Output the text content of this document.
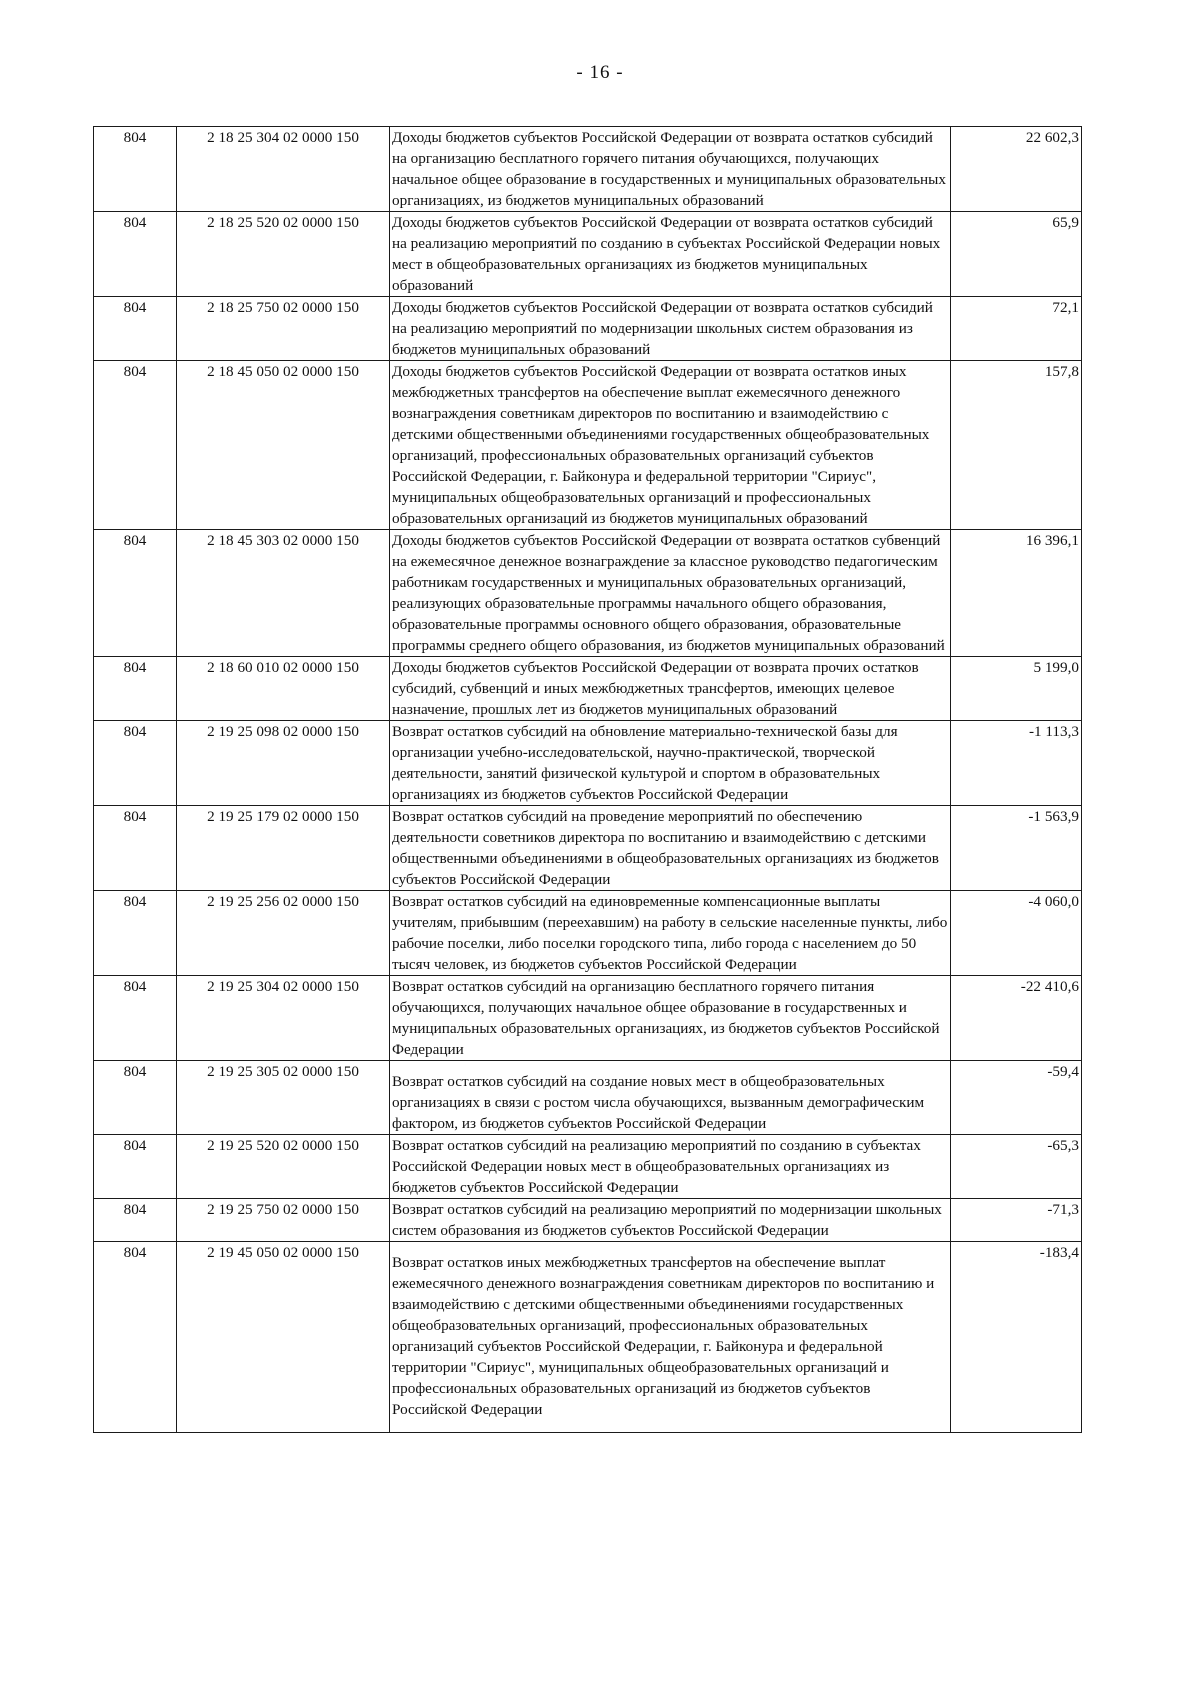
- 16 -
804	2 18 25 304 02 0000 150	Доходы бюджетов субъектов Российской Федерации от возврата остатков субсидий на организацию бесплатного горячего питания обучающихся, получающих начальное общее образование в государственных и муниципальных образовательных организациях, из бюджетов муниципальных образований	22 602,3
804	2 18 25 520 02 0000 150	Доходы бюджетов субъектов Российской Федерации от возврата остатков субсидий на реализацию мероприятий по созданию в субъектах Российской Федерации новых мест в общеобразовательных организациях из бюджетов муниципальных образований	65,9
804	2 18 25 750 02 0000 150	Доходы бюджетов субъектов Российской Федерации от возврата остатков субсидий на реализацию мероприятий по модернизации школьных систем образования из бюджетов муниципальных образований	72,1
804	2 18 45 050 02 0000 150	Доходы бюджетов субъектов Российской Федерации от возврата остатков иных межбюджетных трансфертов на обеспечение выплат ежемесячного денежного вознаграждения советникам директоров по воспитанию и взаимодействию с детскими общественными объединениями государственных общеобразовательных организаций, профессиональных образовательных организаций субъектов Российской Федерации, г. Байконура и федеральной территории "Сириус", муниципальных общеобразовательных организаций и профессиональных образовательных организаций из бюджетов муниципальных образований	157,8
804	2 18 45 303 02 0000 150	Доходы бюджетов субъектов Российской Федерации от возврата остатков субвенций на ежемесячное денежное вознаграждение за классное руководство педагогическим работникам государственных и муниципальных образовательных организаций, реализующих образовательные программы начального общего образования, образовательные программы основного общего образования, образовательные программы среднего общего образования, из бюджетов муниципальных образований	16 396,1
804	2 18 60 010 02 0000 150	Доходы бюджетов субъектов Российской Федерации от возврата прочих остатков субсидий, субвенций и иных межбюджетных трансфертов, имеющих целевое назначение, прошлых лет из бюджетов муниципальных образований	5 199,0
804	2 19 25 098 02 0000 150	Возврат остатков субсидий на обновление материально-технической базы для организации учебно-исследовательской, научно-практической, творческой деятельности, занятий физической культурой и спортом в образовательных организациях из бюджетов субъектов Российской Федерации	-1 113,3
804	2 19 25 179 02 0000 150	Возврат остатков субсидий на проведение мероприятий по обеспечению деятельности советников директора по воспитанию и взаимодействию с детскими общественными объединениями в общеобразовательных организациях из бюджетов субъектов Российской Федерации	-1 563,9
804	2 19 25 256 02 0000 150	Возврат остатков субсидий на единовременные компенсационные выплаты учителям, прибывшим (переехавшим) на работу в сельские населенные пункты, либо рабочие поселки, либо поселки городского типа, либо города с населением до 50 тысяч человек, из бюджетов субъектов Российской Федерации	-4 060,0
804	2 19 25 304 02 0000 150	Возврат остатков субсидий на организацию бесплатного горячего питания обучающихся, получающих начальное общее образование в государственных и муниципальных образовательных организациях, из бюджетов субъектов Российской Федерации	-22 410,6
804	2 19 25 305 02 0000 150	Возврат остатков субсидий на создание новых мест в общеобразовательных организациях в связи с ростом числа обучающихся, вызванным демографическим фактором, из бюджетов субъектов Российской Федерации	-59,4
804	2 19 25 520 02 0000 150	Возврат остатков субсидий на реализацию мероприятий по созданию в субъектах Российской Федерации новых мест в общеобразовательных организациях из бюджетов субъектов Российской Федерации	-65,3
804	2 19 25 750 02 0000 150	Возврат остатков субсидий на реализацию мероприятий по модернизации школьных систем образования из бюджетов субъектов Российской Федерации	-71,3
804	2 19 45 050 02 0000 150	Возврат остатков иных межбюджетных трансфертов на обеспечение выплат ежемесячного денежного вознаграждения советникам директоров по воспитанию и взаимодействию с детскими общественными объединениями государственных общеобразовательных организаций, профессиональных образовательных организаций субъектов Российской Федерации, г. Байконура и федеральной территории "Сириус", муниципальных общеобразовательных организаций и профессиональных образовательных организаций из бюджетов субъектов Российской Федерации	-183,4
